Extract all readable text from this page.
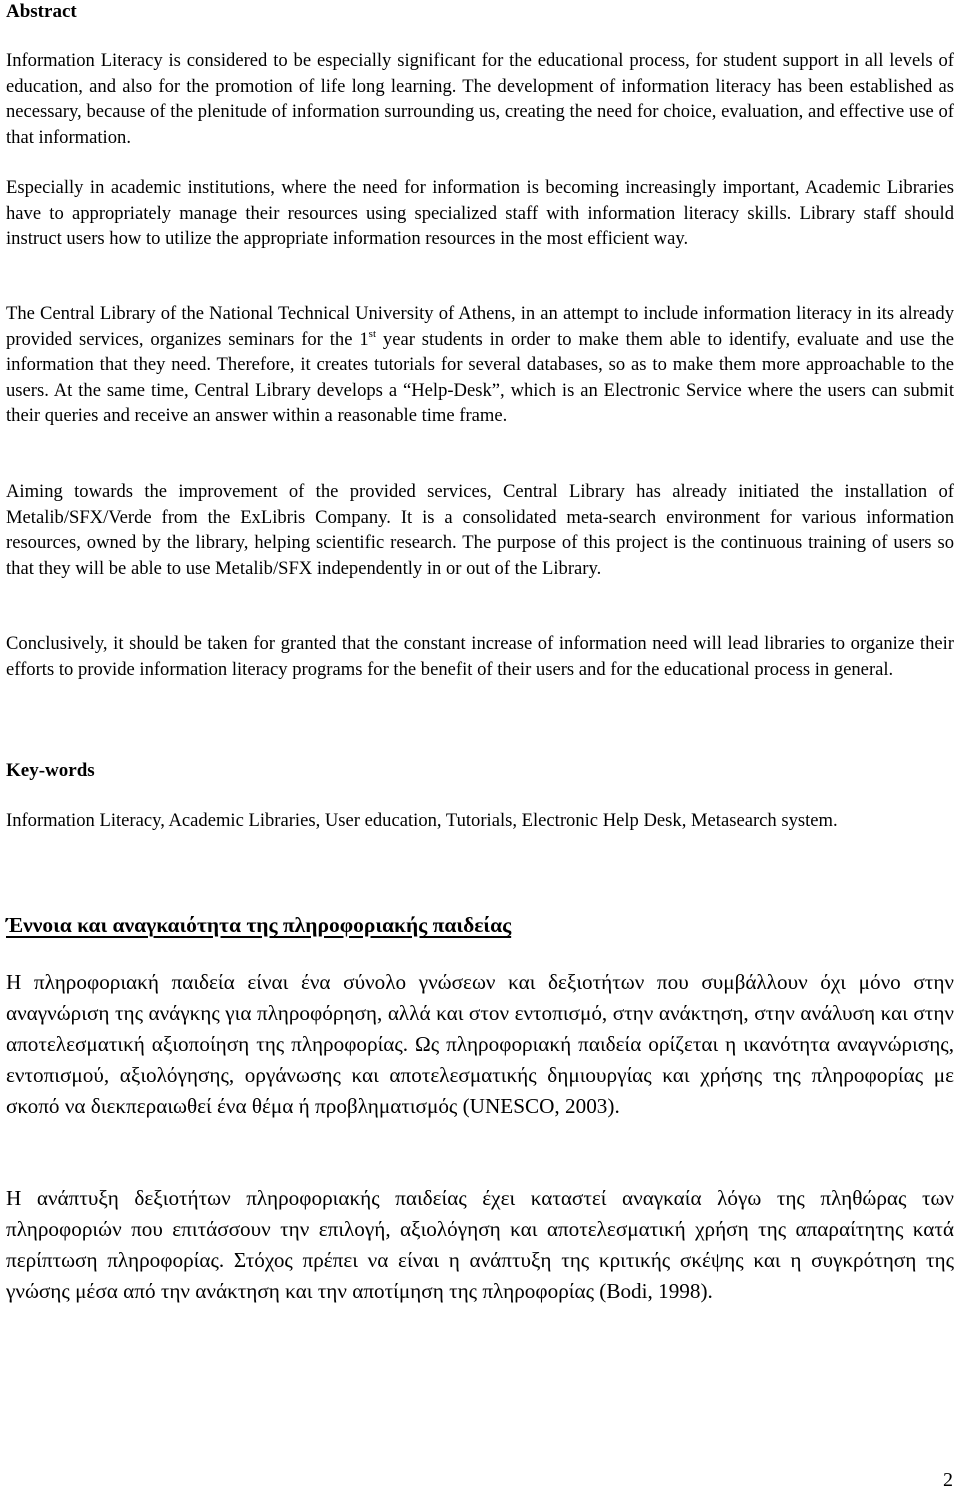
Abstract

Information Literacy is considered to be especially significant for the educational process, for student support in all levels of education, and also for the promotion of life long learning. The development of information literacy has been established as necessary, because of the plenitude of information surrounding us, creating the need for choice, evaluation, and effective use of that information.

Especially in academic institutions, where the need for information is becoming increasingly important, Academic Libraries have to appropriately manage their resources using specialized staff with information literacy skills. Library staff should instruct users how to utilize the appropriate information resources in the most efficient way.

The Central Library of the National Technical University of Athens, in an attempt to include information literacy in its already provided services, organizes seminars for the 1st year students in order to make them able to identify, evaluate and use the information that they need. Therefore, it creates tutorials for several databases, so as to make them more approachable to the users. At the same time, Central Library develops a “Help-Desk”, which is an Electronic Service where the users can submit their queries and receive an answer within a reasonable time frame.

Aiming towards the improvement of the provided services, Central Library has already initiated the installation of Metalib/SFX/Verde from the ExLibris Company. It is a consolidated meta-search environment for various information resources, owned by the library, helping scientific research. The purpose of this project is the continuous training of users so that they will be able to use Metalib/SFX independently in or out of the Library.

Conclusively, it should be taken for granted that the constant increase of information need will lead libraries to organize their efforts to provide information literacy programs for the benefit of their users and for the educational process in general.

Key-words

Information Literacy, Academic Libraries, User education, Tutorials, Electronic Help Desk, Metasearch system.

Έννοια και αναγκαιότητα της πληροφοριακής παιδείας

Η πληροφοριακή παιδεία είναι ένα σύνολο γνώσεων και δεξιοτήτων που συμβάλλουν όχι μόνο στην αναγνώριση της ανάγκης για πληροφόρηση, αλλά και στον εντοπισμό, στην ανάκτηση, στην ανάλυση και στην αποτελεσματική αξιοποίηση της πληροφορίας. Ως πληροφοριακή παιδεία ορίζεται η ικανότητα αναγνώρισης, εντοπισμού, αξιολόγησης, οργάνωσης και αποτελεσματικής δημιουργίας και χρήσης της πληροφορίας με σκοπό να διεκπεραιωθεί ένα θέμα ή προβληματισμός (UNESCO, 2003).

Η ανάπτυξη δεξιοτήτων πληροφοριακής παιδείας έχει καταστεί αναγκαία λόγω της πληθώρας των πληροφοριών που επιτάσσουν την επιλογή, αξιολόγηση και αποτελεσματική χρήση της απαραίτητης κατά περίπτωση πληροφορίας. Στόχος πρέπει να είναι η ανάπτυξη της κριτικής σκέψης και η συγκρότηση της γνώσης μέσα από την ανάκτηση και την αποτίμηση της πληροφορίας (Bodi, 1998).

2
